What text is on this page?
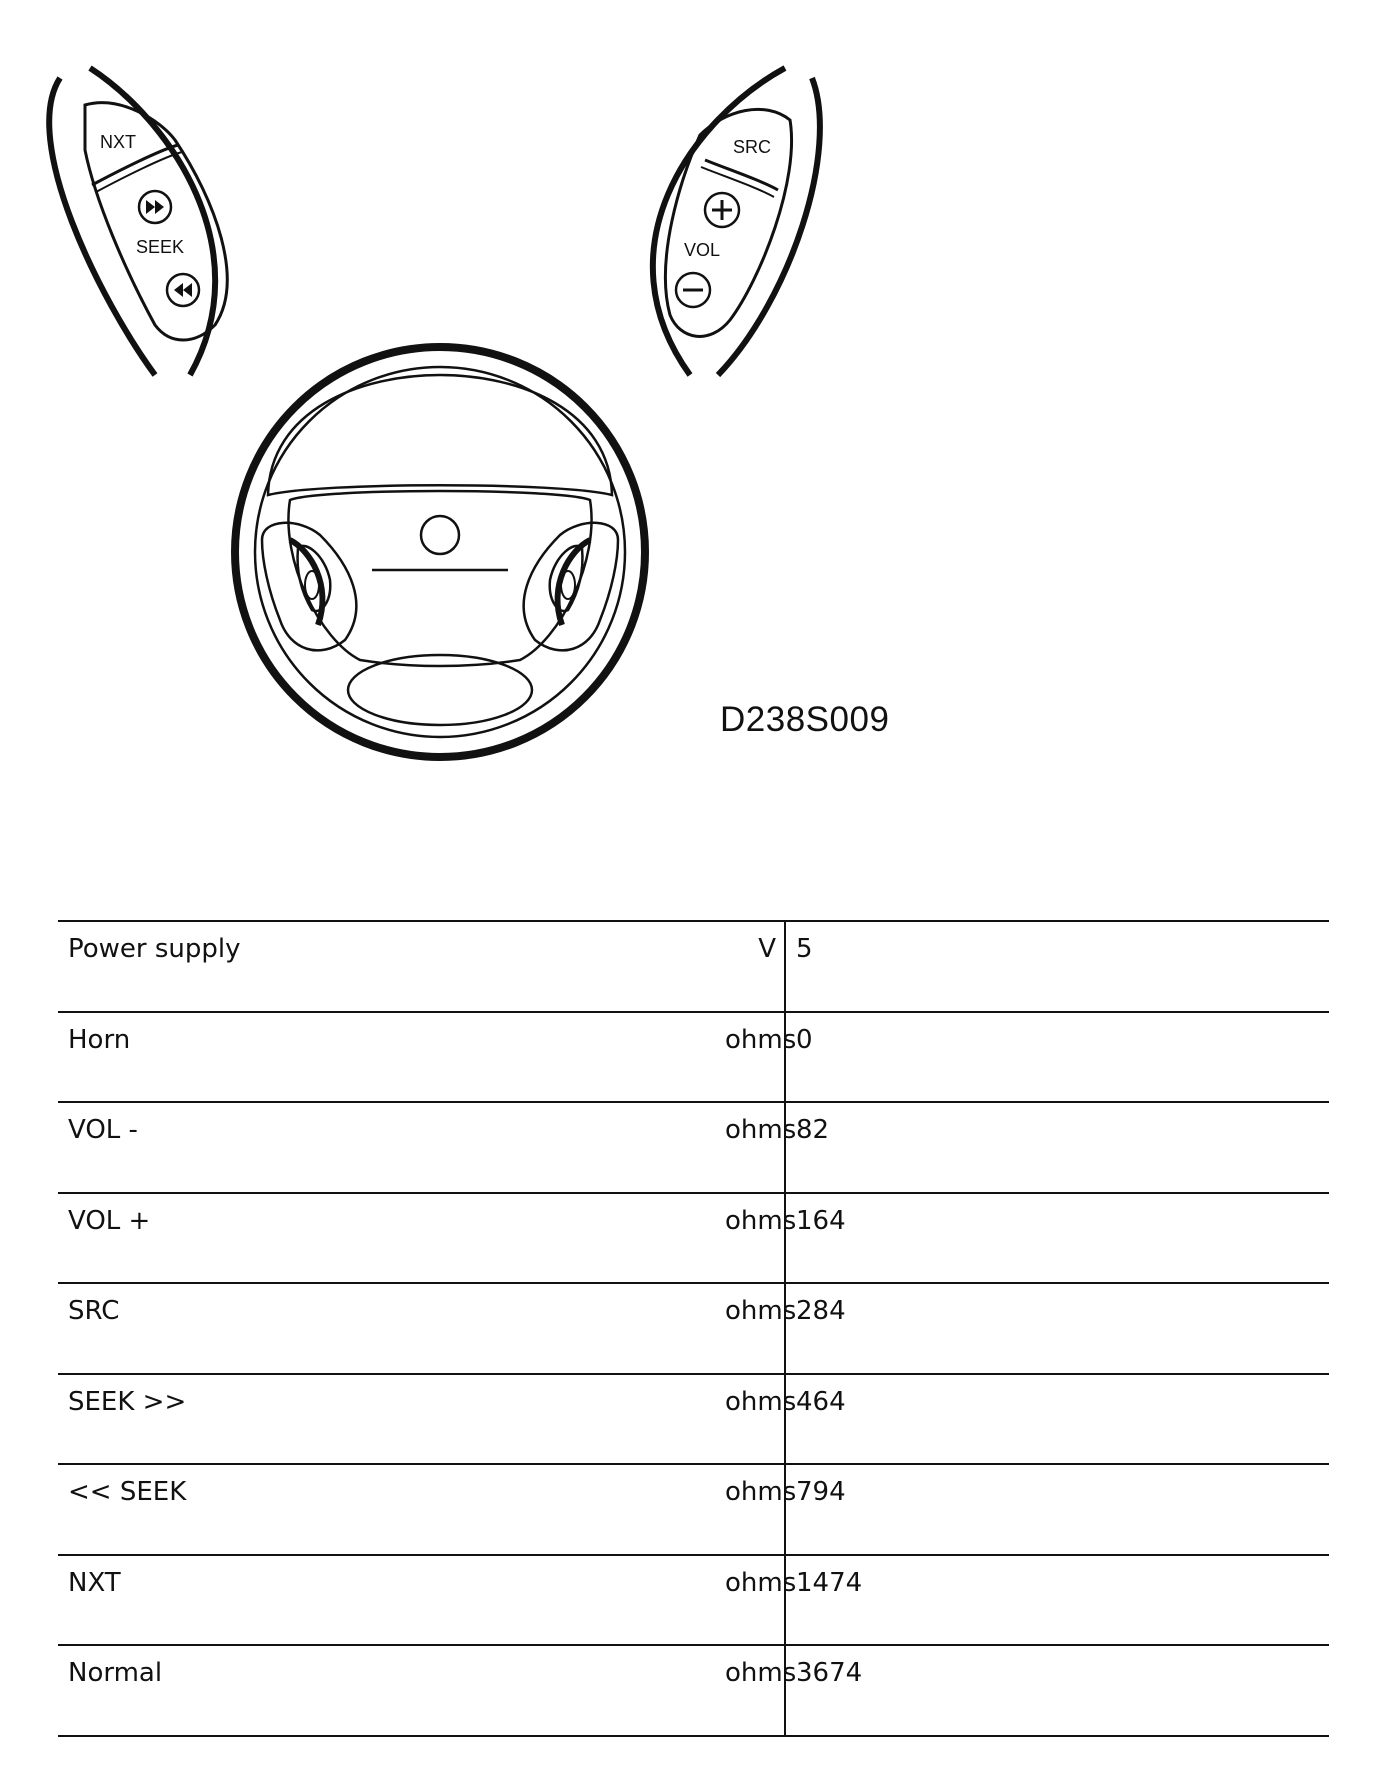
NXT
SEEK
SRC
VOL
D238S009
Power supply	V	5
Horn	ohms	0
VOL -	ohms	82
VOL +	ohms	164
SRC	ohms	284
SEEK >>	ohms	464
<< SEEK	ohms	794
NXT	ohms	1474
Normal	ohms	3674
